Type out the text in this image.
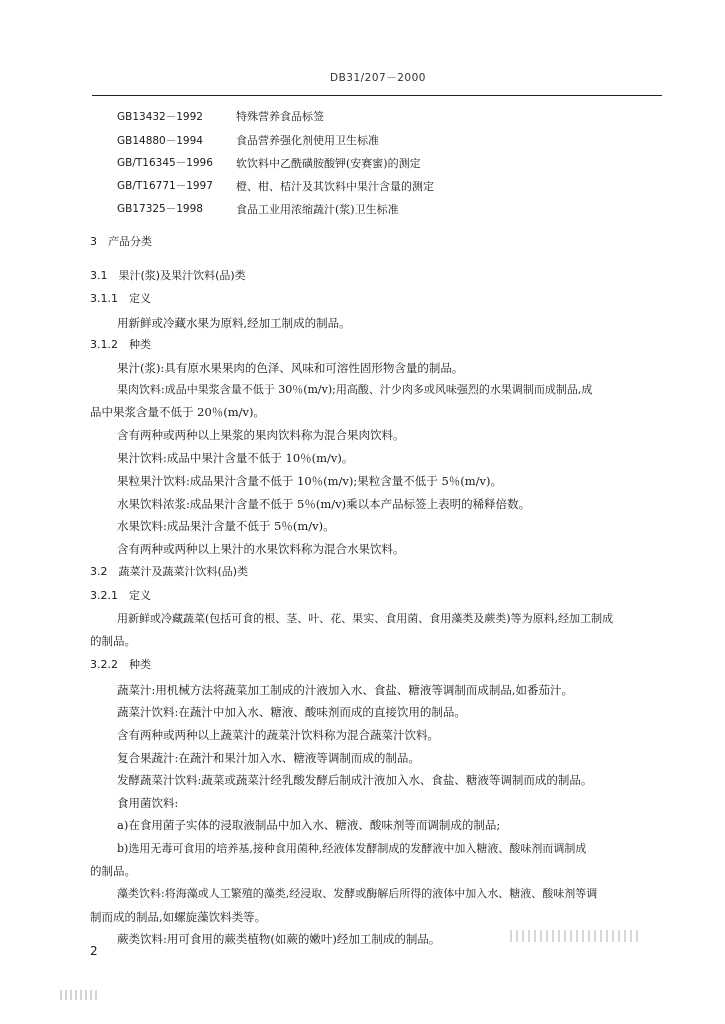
DB31/207－2000
GB13432－1992	特殊营养食品标签
GB14880－1994	食品营养强化剂使用卫生标准
GB/T16345－1996 软饮料中乙酰磺胺酸钾(安赛蜜)的测定
GB/T16771－1997 橙、柑、桔汁及其饮料中果汁含量的测定
GB17325－1998	食品工业用浓缩蔬汁(浆)卫生标准
3　产品分类
3.1　果汁(浆)及果汁饮料(品)类
3.1.1　定义
用新鲜或冷藏水果为原料,经加工制成的制品。
3.1.2　种类
果汁(浆):具有原水果果肉的色泽、风味和可溶性固形物含量的制品。
果肉饮料:成品中果浆含量不低于 30％(m/v);用高酸、汁少肉多或风味强烈的水果调制而成制品,成
品中果浆含量不低于 20％(m/v)。
含有两种或两种以上果浆的果肉饮料称为混合果肉饮料。
果汁饮料:成品中果汁含量不低于 10％(m/v)。
果粒果汁饮料:成品果汁含量不低于 10％(m/v);果粒含量不低于 5％(m/v)。
水果饮料浓浆:成品果汁含量不低于 5％(m/v)乘以本产品标签上表明的稀释倍数。
水果饮料:成品果汁含量不低于 5％(m/v)。
含有两种或两种以上果汁的水果饮料称为混合水果饮料。
3.2　蔬菜汁及蔬菜汁饮料(品)类
3.2.1　定义
用新鲜或冷藏蔬菜(包括可食的根、茎、叶、花、果实、食用菌、食用藻类及蕨类)等为原料,经加工制成
的制品。
3.2.2　种类
蔬菜汁:用机械方法将蔬菜加工制成的汁液加入水、食盐、糖液等调制而成制品,如番茄汁。
蔬菜汁饮料:在蔬汁中加入水、糖液、酸味剂而成的直接饮用的制品。
含有两种或两种以上蔬菜汁的蔬菜汁饮料称为混合蔬菜汁饮料。
复合果蔬汁:在蔬汁和果汁加入水、糖液等调制而成的制品。
发酵蔬菜汁饮料:蔬菜或蔬菜汁经乳酸发酵后制成汁液加入水、食盐、糖液等调制而成的制品。
食用菌饮料:
a)在食用菌子实体的浸取液制品中加入水、糖液、酸味剂等而调制成的制品;
b)选用无毒可食用的培养基,接种食用菌种,经液体发酵制成的发酵液中加入糖液、酸味剂而调制成
的制品。
藻类饮料:将海藻或人工繁殖的藻类,经浸取、发酵或酶解后所得的液体中加入水、糖液、酸味剂等调
制而成的制品,如螺旋藻饮料类等。
蕨类饮料:用可食用的蕨类植物(如蕨的嫩叶)经加工制成的制品。
2
